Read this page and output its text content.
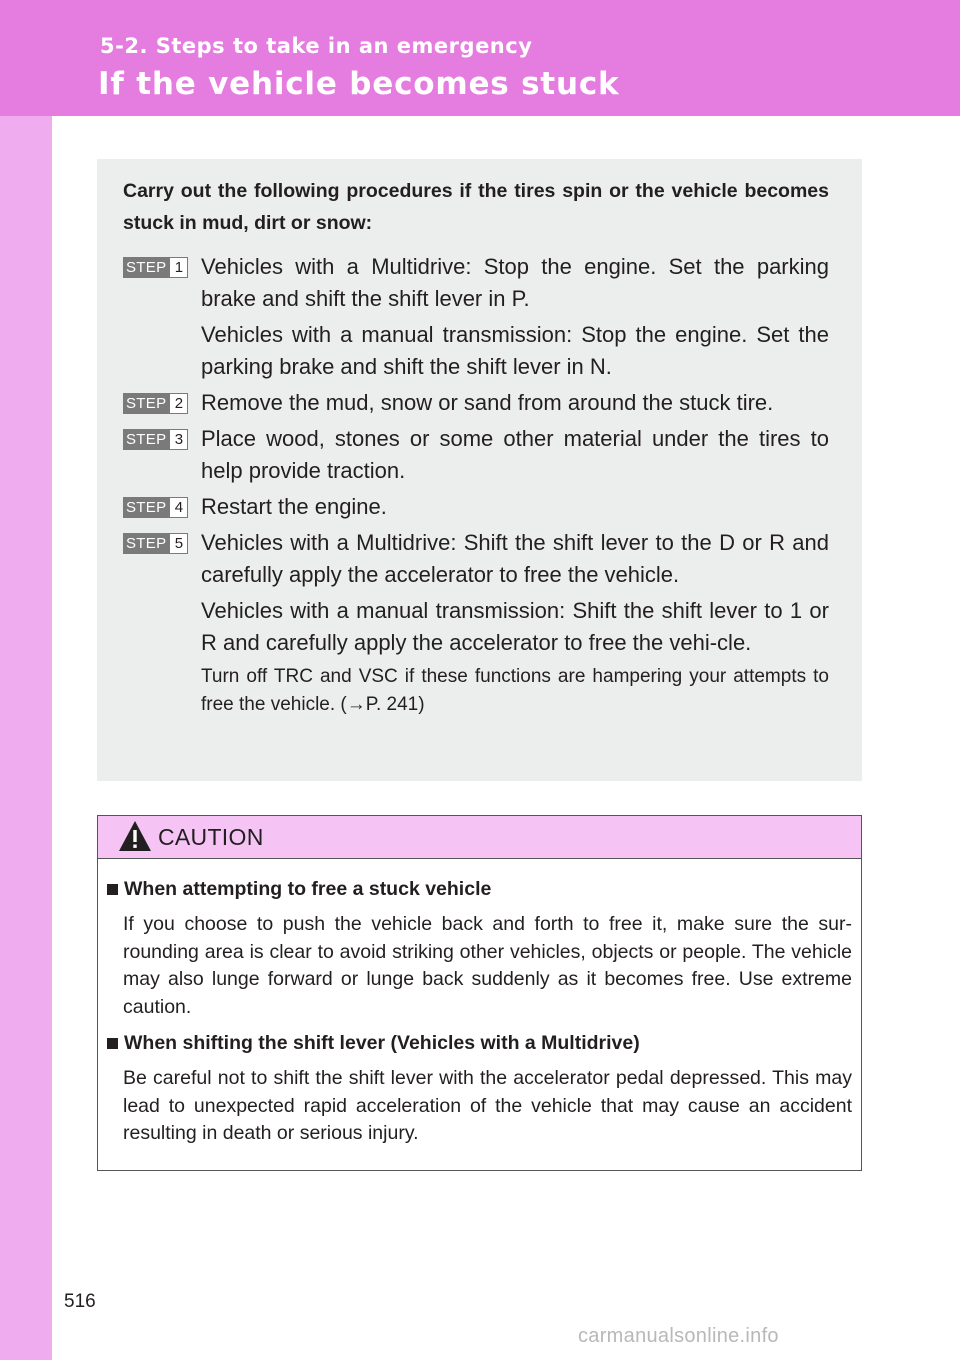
5-2. Steps to take in an emergency
If the vehicle becomes stuck

Carry out the following procedures if the tires spin or the vehicle becomes stuck in mud, dirt or snow:

STEP 1 Vehicles with a Multidrive: Stop the engine. Set the parking brake and shift the shift lever in P.

Vehicles with a manual transmission: Stop the engine. Set the parking brake and shift the shift lever in N.

STEP 2 Remove the mud, snow or sand from around the stuck tire.

STEP 3 Place wood, stones or some other material under the tires to help provide traction.

STEP 4 Restart the engine.

STEP 5 Vehicles with a Multidrive: Shift the shift lever to the D or R and carefully apply the accelerator to free the vehicle.

Vehicles with a manual transmission: Shift the shift lever to 1 or R and carefully apply the accelerator to free the vehi-cle.

Turn off TRC and VSC if these functions are hampering your attempts to free the vehicle. (→P. 241)

CAUTION

When attempting to free a stuck vehicle

If you choose to push the vehicle back and forth to free it, make sure the sur-rounding area is clear to avoid striking other vehicles, objects or people. The vehicle may also lunge forward or lunge back suddenly as it becomes free. Use extreme caution.

When shifting the shift lever (Vehicles with a Multidrive)

Be careful not to shift the shift lever with the accelerator pedal depressed. This may lead to unexpected rapid acceleration of the vehicle that may cause an accident resulting in death or serious injury.

516
carmanualsonline.info
